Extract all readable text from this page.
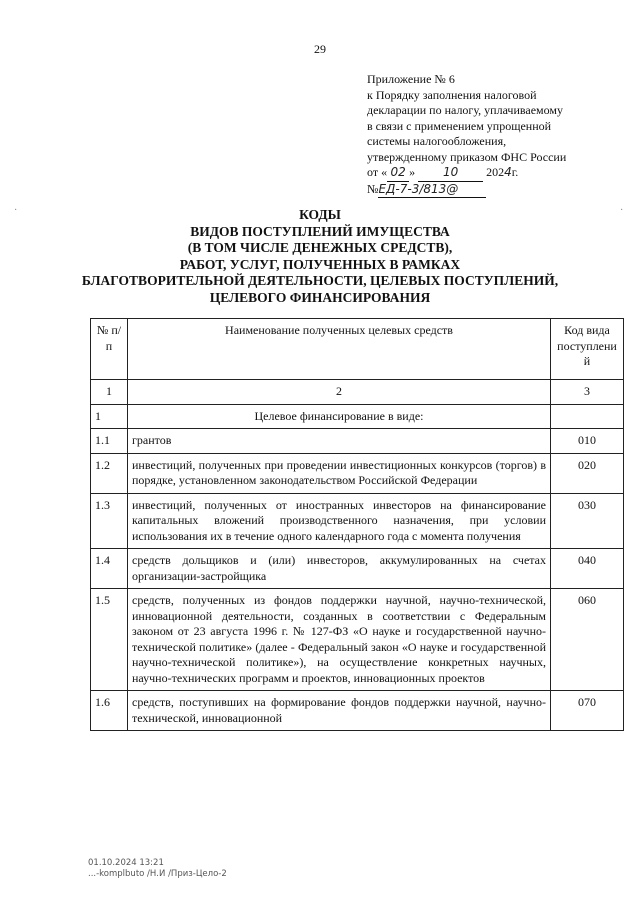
29
Приложение № 6
к Порядку заполнения налоговой
декларации по налогу, уплачиваемому
в связи с применением упрощенной
системы налогообложения,
утвержденному приказом ФНС России
от « 02 » 10 2024г.
№ЕД-7-3/813@
·	·
КОДЫ
ВИДОВ ПОСТУПЛЕНИЙ ИМУЩЕСТВА
(В ТОМ ЧИСЛЕ ДЕНЕЖНЫХ СРЕДСТВ),
РАБОТ, УСЛУГ, ПОЛУЧЕННЫХ В РАМКАХ
БЛАГОТВОРИТЕЛЬНОЙ ДЕЯТЕЛЬНОСТИ, ЦЕЛЕВЫХ ПОСТУПЛЕНИЙ,
ЦЕЛЕВОГО ФИНАНСИРОВАНИЯ
№ п/п	Наименование полученных целевых средств	Код вида поступлени й
1	2	3
1	Целевое финансирование в виде:	
1.1	грантов	010
1.2	инвестиций, полученных при проведении инвестиционных конкурсов (торгов) в порядке, установленном законодательством Российской Федерации	020
1.3	инвестиций, полученных от иностранных инвесторов на финансирование капитальных вложений производственного назначения, при условии использования их в течение одного календарного года с момента получения	030
1.4	средств дольщиков и (или) инвесторов, аккумулированных на счетах организации-застройщика	040
1.5	средств, полученных из фондов поддержки научной, научно-технической, инновационной деятельности, созданных в соответствии с Федеральным законом от 23 августа 1996 г. № 127-ФЗ «О науке и государственной научно-технической политике» (далее - Федеральный закон «О науке и государственной научно-технической политике»), на осуществление конкретных научных, научно-технических программ и проектов, инновационных проектов	060
1.6	средств, поступивших на формирование фондов поддержки научной, научно-технической, инновационной	070
01.10.2024 13:21
...-komplbuto /Н.И /Приз-Цело-2
